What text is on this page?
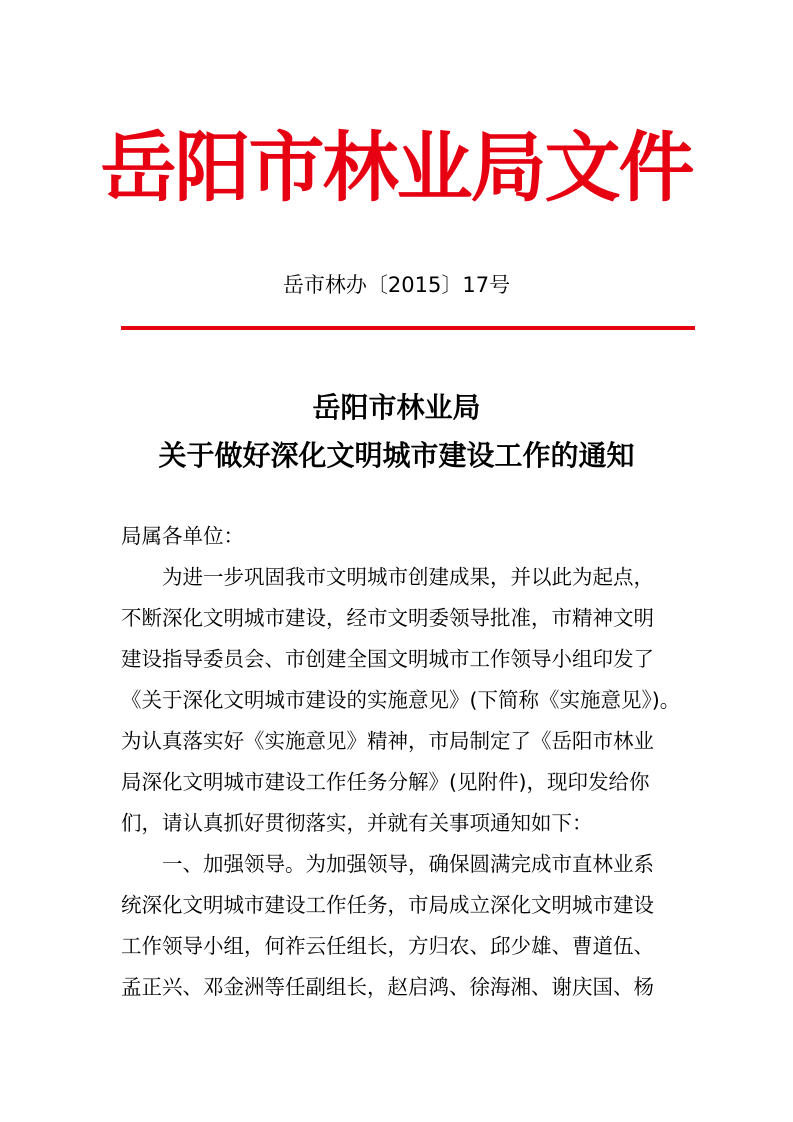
岳阳市林业局文件
岳市林办〔2015〕17号
岳阳市林业局
关于做好深化文明城市建设工作的通知
局属各单位：
为进一步巩固我市文明城市创建成果，并以此为起点，
不断深化文明城市建设，经市文明委领导批准，市精神文明
建设指导委员会、市创建全国文明城市工作领导小组印发了
《关于深化文明城市建设的实施意见》(下简称《实施意见》)。
为认真落实好《实施意见》精神，市局制定了《岳阳市林业
局深化文明城市建设工作任务分解》(见附件)，现印发给你
们，请认真抓好贯彻落实，并就有关事项通知如下：
一、加强领导。为加强领导，确保圆满完成市直林业系
统深化文明城市建设工作任务，市局成立深化文明城市建设
工作领导小组，何祚云任组长，方归农、邱少雄、曹道伍、
孟正兴、邓金洲等任副组长，赵启鸿、徐海湘、谢庆国、杨
